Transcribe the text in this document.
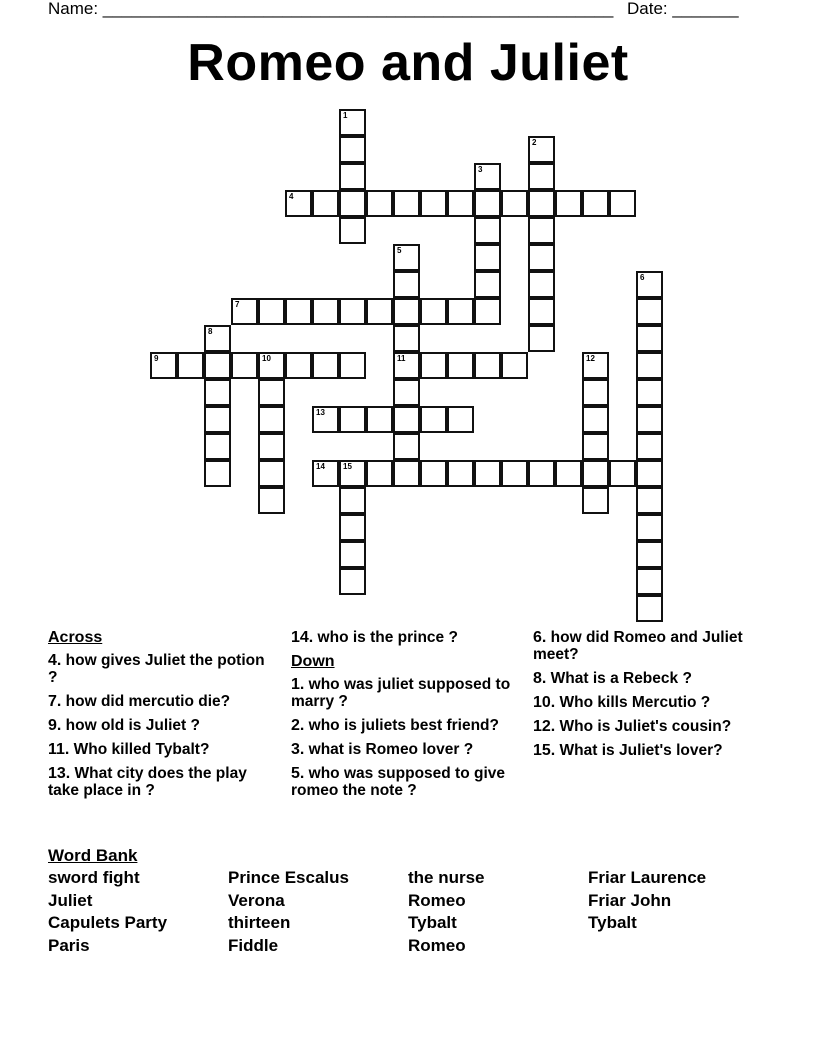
Name: ______________________________________________________ Date: _______
Romeo and Juliet
1
2
3
4
5
11
6
7
8
9	10	12
13
14 15
Across
4. how gives Juliet the potion ?
7. how did mercutio die?
9. how old is Juliet ?
11. Who killed Tybalt?
13. What city does the play take place in ?
14. who is the prince ?
Down
1. who was juliet supposed to marry ?
2. who is juliets best friend?
3. what is Romeo lover ?
5. who was supposed to give romeo the note ?
6. how did Romeo and Juliet meet?
8. What is a Rebeck ?
10. Who kills Mercutio ?
12. Who is Juliet's cousin?
15. What is Juliet's lover?
Word Bank
sword fight	Prince Escalus	the nurse	Friar Laurence
Juliet	Verona	Romeo	Friar John
Capulets Party	thirteen	Tybalt	Tybalt
Paris	Fiddle	Romeo
